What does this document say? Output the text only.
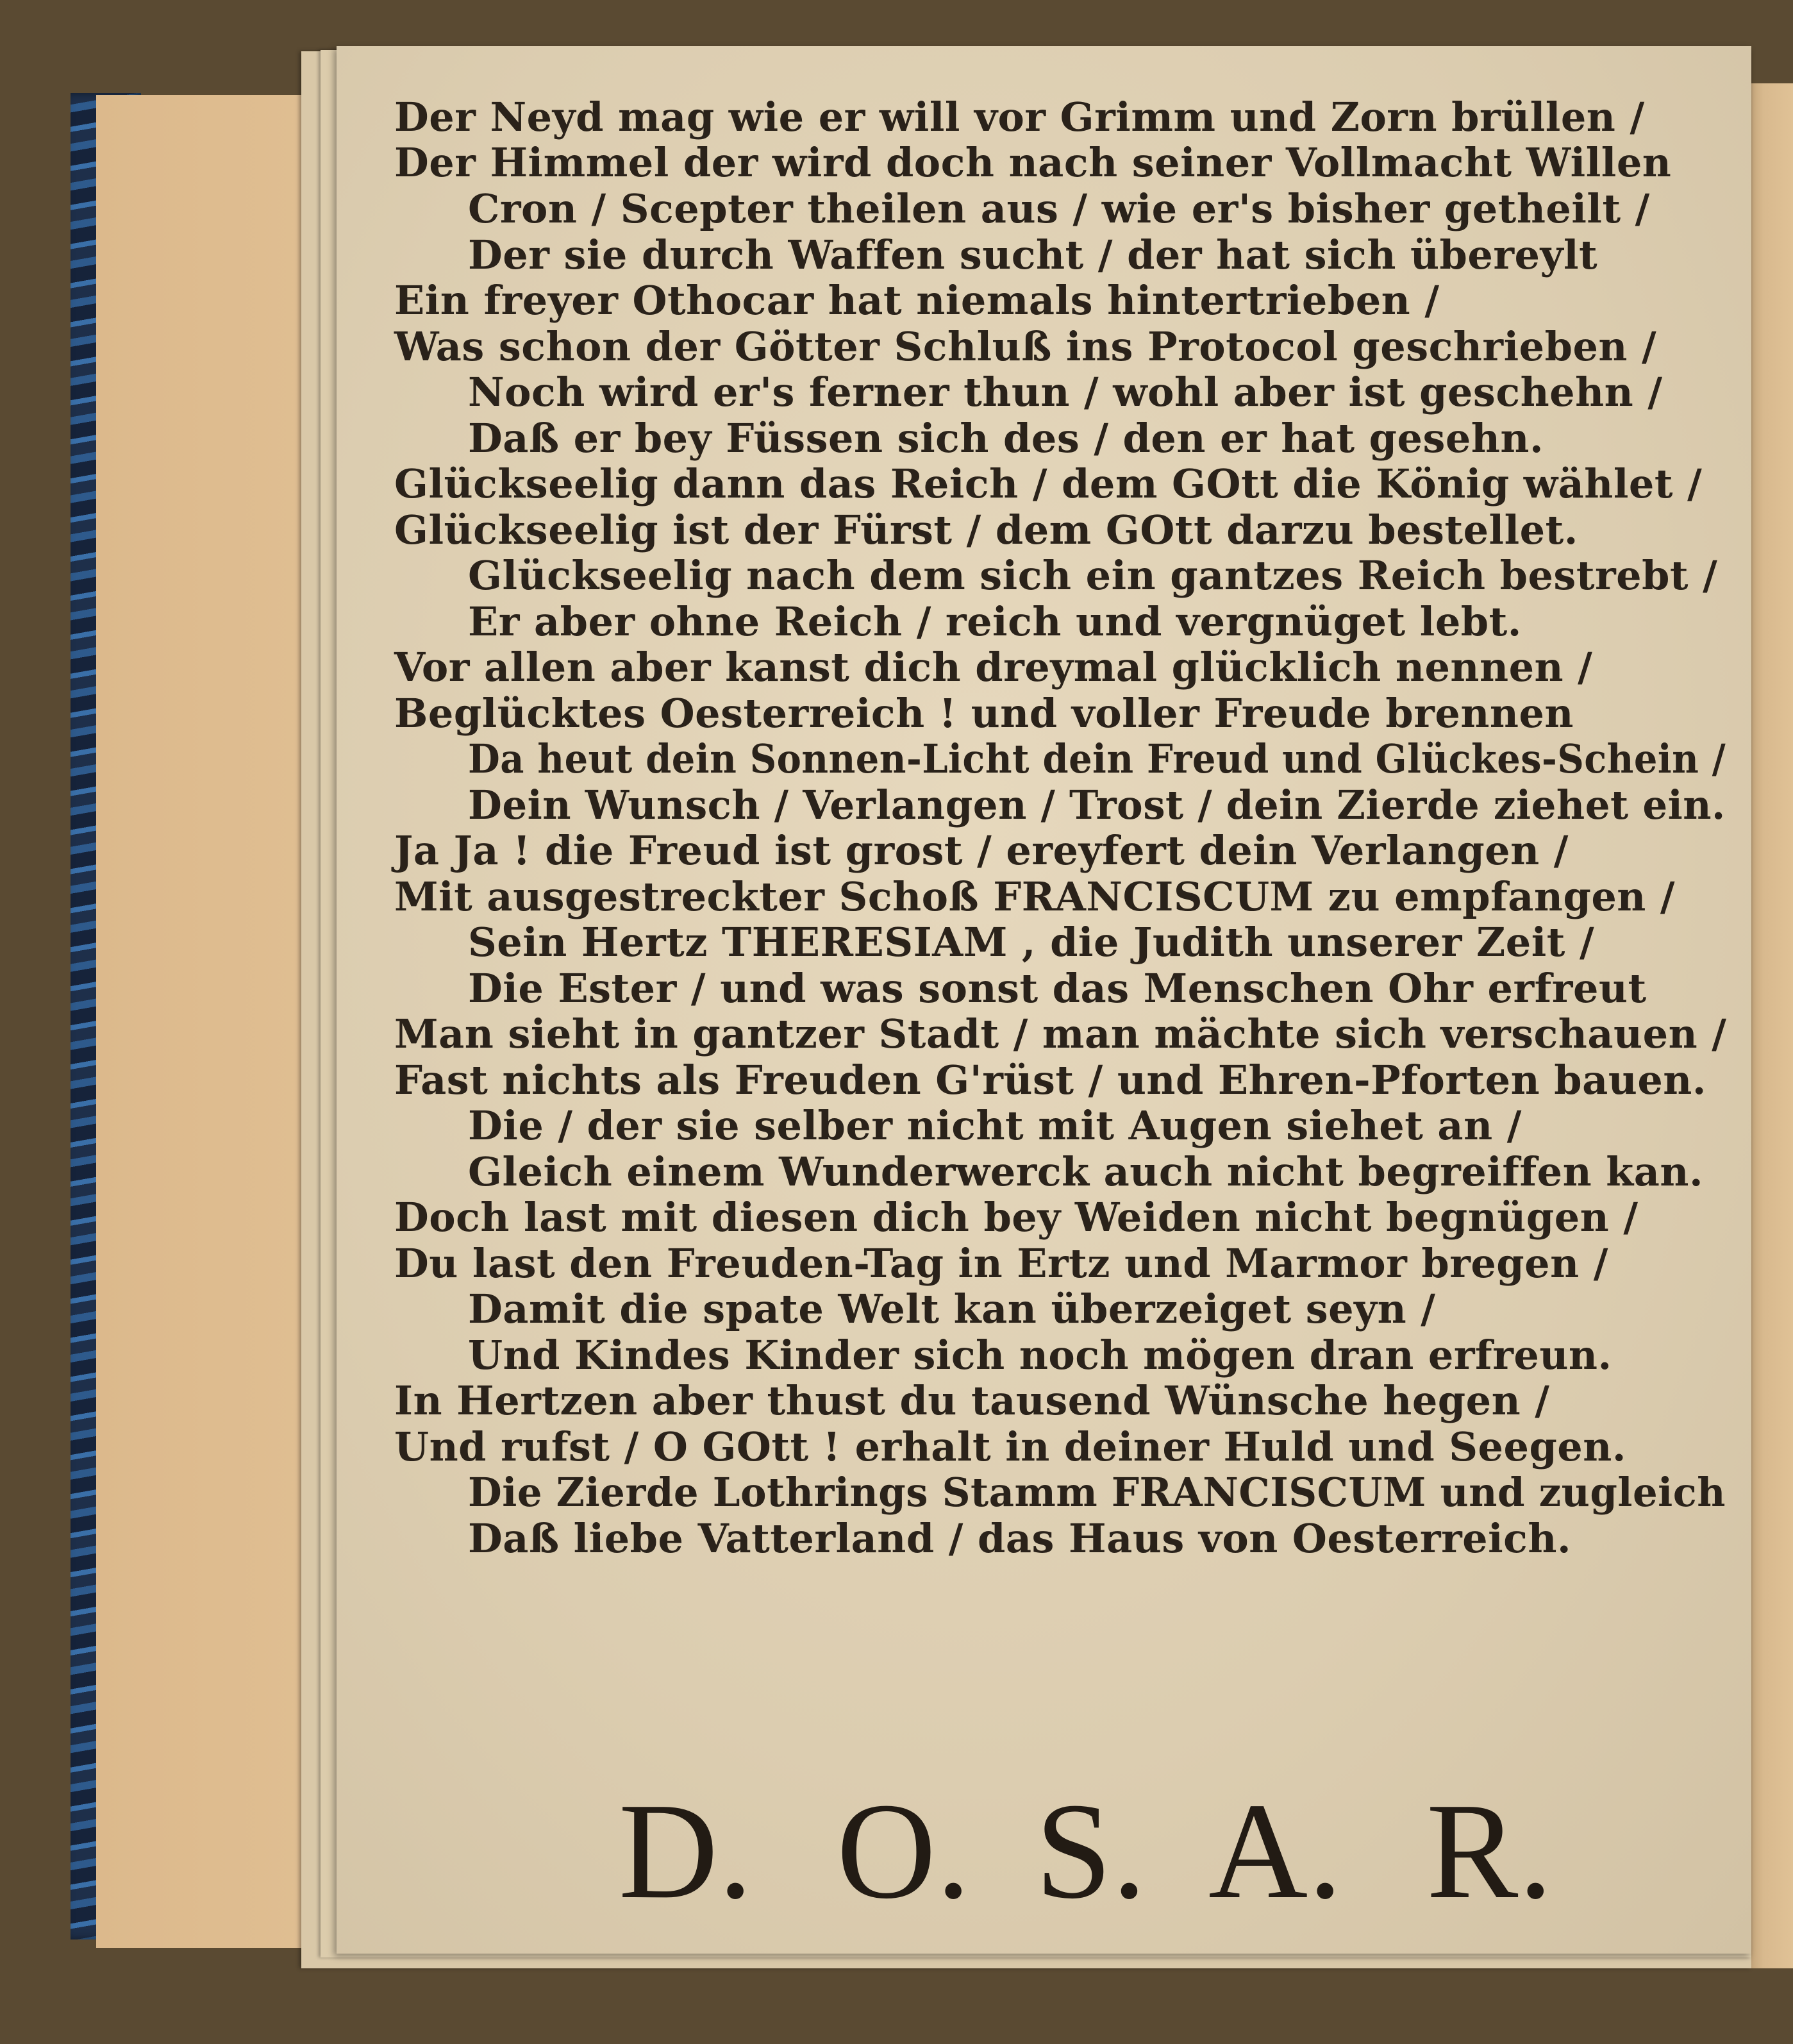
Der Neyd mag wie er will vor Grimm und Zorn brüllen /
Der Himmel der wird doch nach seiner Vollmacht Willen
Cron / Scepter theilen aus / wie er's bisher getheilt /
Der sie durch Waffen sucht / der hat sich übereylt
Ein freyer Othocar hat niemals hintertrieben /
Was schon der Götter Schluß ins Protocol geschrieben /
Noch wird er's ferner thun / wohl aber ist geschehn /
Daß er bey Füssen sich des / den er hat gesehn.
Glückseelig dann das Reich / dem GOtt die König wählet /
Glückseelig ist der Fürst / dem GOtt darzu bestellet.
Glückseelig nach dem sich ein gantzes Reich bestrebt /
Er aber ohne Reich / reich und vergnüget lebt.
Vor allen aber kanst dich dreymal glücklich nennen /
Beglücktes Oesterreich ! und voller Freude brennen
Da heut dein Sonnen-Licht dein Freud und Glückes-Schein /
Dein Wunsch / Verlangen / Trost / dein Zierde ziehet ein.
Ja Ja ! die Freud ist grost / ereyfert dein Verlangen /
Mit ausgestreckter Schoß FRANCISCUM zu empfangen /
Sein Hertz THERESIAM , die Judith unserer Zeit /
Die Ester / und was sonst das Menschen Ohr erfreut
Man sieht in gantzer Stadt / man mächte sich verschauen /
Fast nichts als Freuden G'rüst / und Ehren-Pforten bauen.
Die / der sie selber nicht mit Augen siehet an /
Gleich einem Wunderwerck auch nicht begreiffen kan.
Doch last mit diesen dich bey Weiden nicht begnügen /
Du last den Freuden-Tag in Ertz und Marmor bregen /
Damit die spate Welt kan überzeiget seyn /
Und Kindes Kinder sich noch mögen dran erfreun.
In Hertzen aber thust du tausend Wünsche hegen /
Und rufst / O GOtt ! erhalt in deiner Huld und Seegen.
Die Zierde Lothrings Stamm FRANCISCUM und zugleich
Daß liebe Vatterland / das Haus von Oesterreich.
D. O. S. A. R.
